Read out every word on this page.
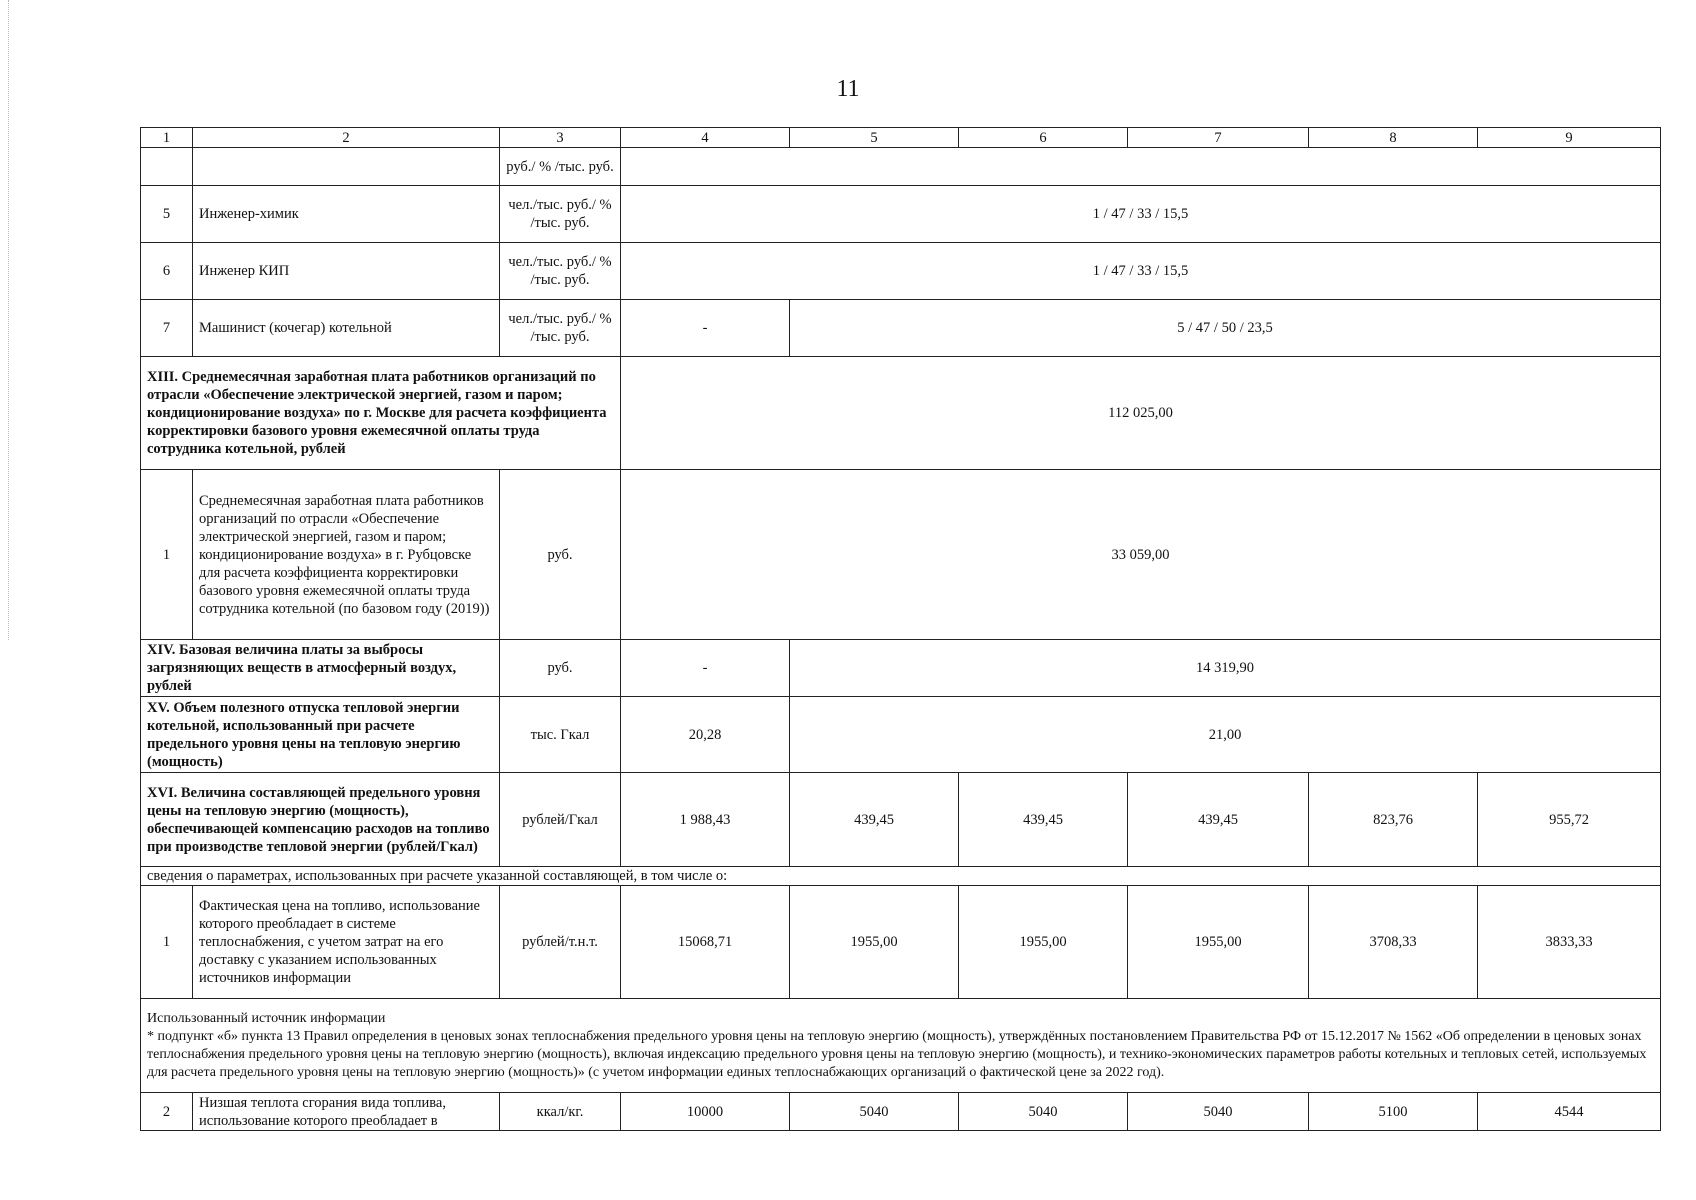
11
1	2	3	4	5	6	7	8	9
		руб./ % /тыс. руб.						
5	Инженер-химик	чел./тыс. руб./ % /тыс. руб.	1 / 47 / 33 / 15,5					
6	Инженер КИП	чел./тыс. руб./ % /тыс. руб.	1 / 47 / 33 / 15,5					
7	Машинист (кочегар) котельной	чел./тыс. руб./ % /тыс. руб.	-	5 / 47 / 50 / 23,5				
XIII. Среднемесячная заработная плата работников организаций по отрасли «Обеспечение электрической энергией, газом и паром; кондиционирование воздуха» по г. Москве для расчета коэффициента корректировки базового уровня ежемесячной оплаты труда сотрудника котельной, рублей			112 025,00					
1	Среднемесячная заработная плата работников организаций по отрасли «Обеспечение электрической энергией, газом и паром; кондиционирование воздуха» в г. Рубцовске для расчета коэффициента корректировки базового уровня ежемесячной оплаты труда сотрудника котельной (по базовом году (2019))	руб.	33 059,00					
XIV. Базовая величина платы за выбросы загрязняющих веществ в атмосферный воздух, рублей		руб.	-	14 319,90				
XV. Объем полезного отпуска тепловой энергии котельной, использованный при расчете предельного уровня цены на тепловую энергию (мощность)		тыс. Гкал	20,28	21,00				
XVI. Величина составляющей предельного уровня цены на тепловую энергию (мощность), обеспечивающей компенсацию расходов на топливо при производстве тепловой энергии (рублей/Гкал)		рублей/Гкал	1 988,43	439,45	439,45	439,45	823,76	955,72
сведения о параметрах, использованных при расчете указанной составляющей, в том числе о:								
1	Фактическая цена на топливо, использование которого преобладает в системе теплоснабжения, с учетом затрат на его доставку с указанием использованных источников информации	рублей/т.н.т.	15068,71	1955,00	1955,00	1955,00	3708,33	3833,33

Использованный источник информации
* подпункт «б» пункта 13 Правил определения в ценовых зонах теплоснабжения предельного уровня цены на тепловую энергию (мощность), утверждённых постановлением Правительства РФ от 15.12.2017 № 1562 «Об определении в ценовых зонах теплоснабжения предельного уровня цены на тепловую энергию (мощность), включая индексацию предельного уровня цены на тепловую энергию (мощность), и технико-экономических параметров работы котельных и тепловых сетей, используемых для расчета предельного уровня цены на тепловую энергию (мощность)» (с учетом информации единых теплоснабжающих организаций о фактической цене за 2022 год).								

2	Низшая теплота сгорания вида топлива, использование которого преобладает в	ккал/кг.	10000	5040	5040	5040	5100	4544
